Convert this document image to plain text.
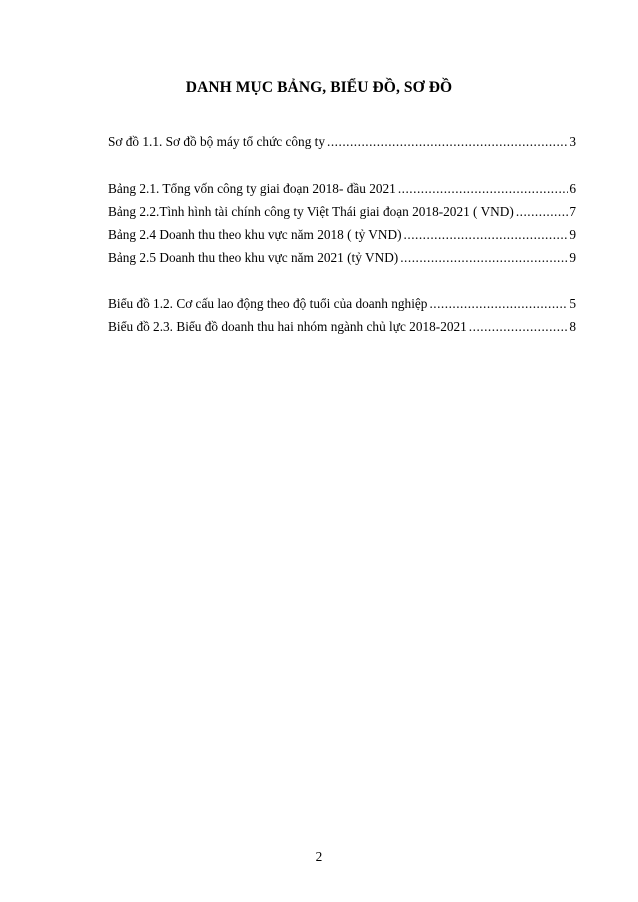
DANH MỤC BẢNG, BIỂU ĐỒ, SƠ ĐỒ
Sơ đồ 1.1. Sơ đồ bộ máy tổ chức công ty .....	3
Bảng 2.1. Tổng vốn công ty giai đoạn 2018- đầu 2021 .....	6
Bảng 2.2.Tình hình tài chính công ty Việt Thái giai đoạn 2018-2021 ( VND) .....	7
Bảng 2.4 Doanh thu theo khu vực năm 2018 ( tỷ VND) .....	9
Bảng 2.5 Doanh thu theo khu vực năm 2021 (tỷ VND) .....	9
Biểu đồ 1.2. Cơ cấu lao động theo độ tuổi của doanh nghiệp .....	5
Biểu đồ 2.3. Biểu đồ doanh thu hai nhóm ngành chủ lực 2018-2021 .....	8
2
